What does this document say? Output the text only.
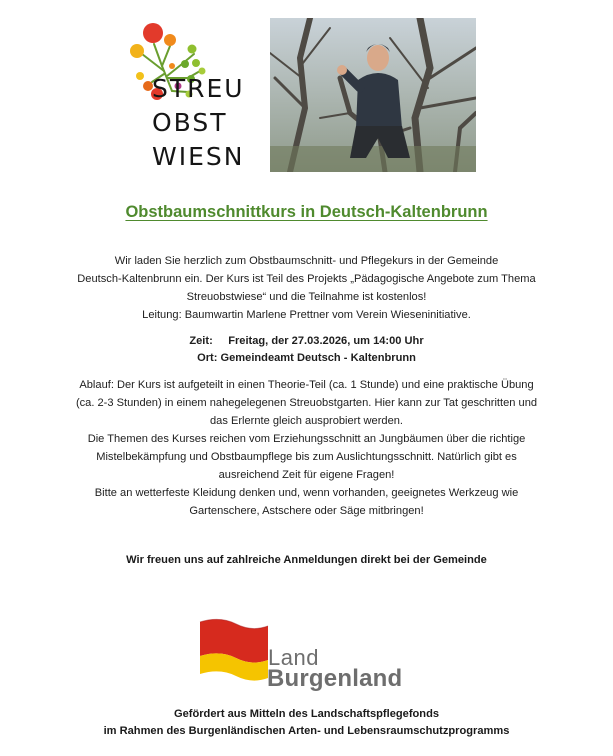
STREU
OBST
WIESN
Obstbaumschnittkurs in Deutsch-Kaltenbrunn
Wir laden Sie herzlich zum Obstbaumschnitt- und Pflegekurs in der Gemeinde
Deutsch-Kaltenbrunn ein. Der Kurs ist Teil des Projekts „Pädagogische Angebote zum Thema
Streuobstwiese“ und die Teilnahme ist kostenlos!
Leitung: Baumwartin Marlene Prettner vom Verein Wieseninitiative.
Zeit: Freitag, der 27.03.2026, um 14:00 Uhr
Ort: Gemeindeamt Deutsch - Kaltenbrunn
Ablauf: Der Kurs ist aufgeteilt in einen Theorie-Teil (ca. 1 Stunde) und eine praktische Übung
(ca. 2-3 Stunden) in einem nahegelegenen Streuobstgarten. Hier kann zur Tat geschritten und
das Erlernte gleich ausprobiert werden.
Die Themen des Kurses reichen vom Erziehungsschnitt an Jungbäumen über die richtige
Mistelbekämpfung und Obstbaumpflege bis zum Auslichtungsschnitt. Natürlich gibt es
ausreichend Zeit für eigene Fragen!
Bitte an wetterfeste Kleidung denken und, wenn vorhanden, geeignetes Werkzeug wie
Gartenschere, Astschere oder Säge mitbringen!
Wir freuen uns auf zahlreiche Anmeldungen direkt bei der Gemeinde
Land
Burgenland
Gefördert aus Mitteln des Landschaftspflegefonds
im Rahmen des Burgenländischen Arten- und Lebensraumschutzprogramms
